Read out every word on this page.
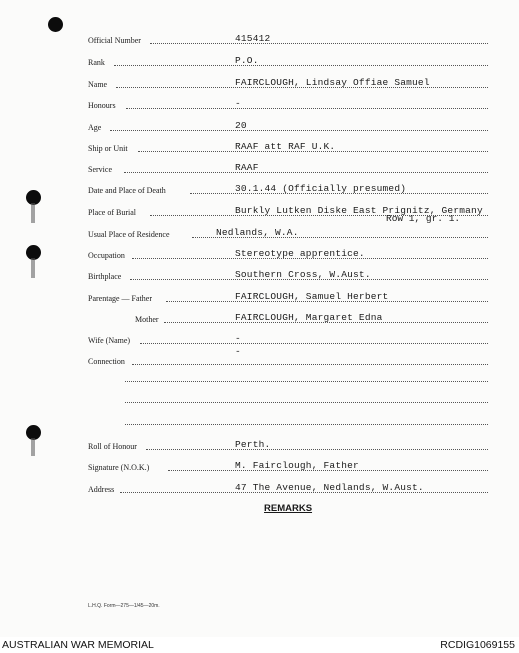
Official Number	415412
Rank	P.O.
Name	FAIRCLOUGH, Lindsay Offiae Samuel
Honours	-
Age	20
Ship or Unit	RAAF att RAF U.K.
Service	RAAF
Date and Place of Death	30.1.44 (Officially presumed)
Place of Burial	Burkly Lutken Diske East Prignitz, Germany
Row 1, gr. 1.
Usual Place of Residence	Nedlands, W.A.
Occupation	Stereotype apprentice.
Birthplace	Southern Cross, W.Aust.
Parentage — Father	FAIRCLOUGH, Samuel Herbert
Mother	FAIRCLOUGH, Margaret Edna
Wife (Name)	-
Connection
-
Roll of Honour	Perth.
Signature (N.O.K.)	M. Fairclough, Father
Address	47 The Avenue, Nedlands, W.Aust.
REMARKS
L.H.Q. Form—275—1/45—20m.
AUSTRALIAN WAR MEMORIAL	RCDIG1069155
